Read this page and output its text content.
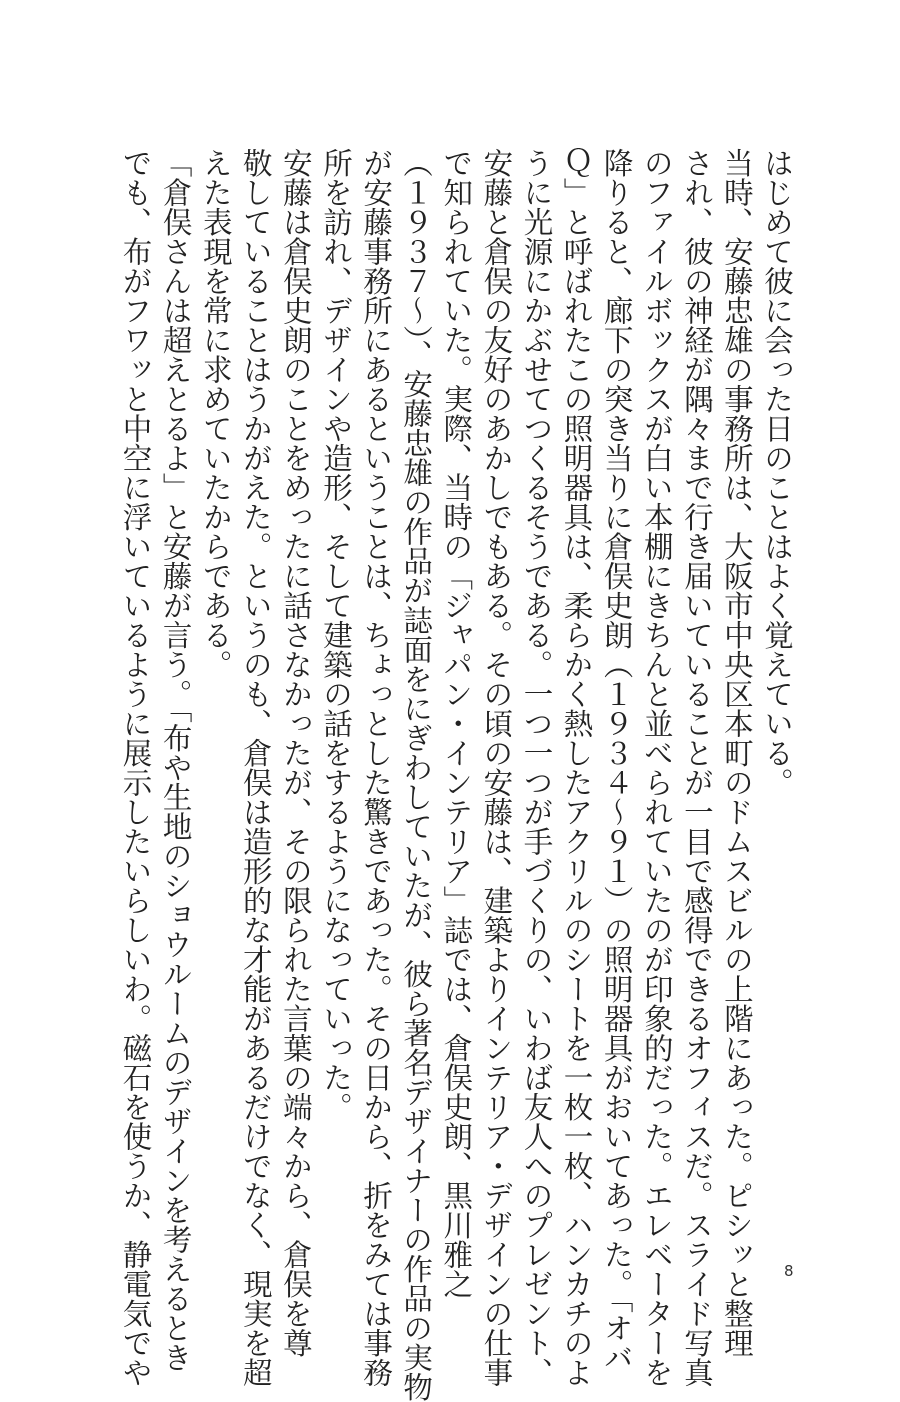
はじめて彼に会った日のことはよく覚えている。
当時、安藤忠雄の事務所は、大阪市中央区本町のドムスビルの上階にあった。ピシッと整理
され、彼の神経が隅々まで行き届いていることが一目で感得できるオフィスだ。スライド写真
のファイルボックスが白い本棚にきちんと並べられていたのが印象的だった。エレベーターを
降りると、廊下の突き当りに倉俣史朗（１９３４〜９１）の照明器具がおいてあった。「オバ
Ｑ」と呼ばれたこの照明器具は、柔らかく熱したアクリルのシートを一枚一枚、ハンカチのよ
うに光源にかぶせてつくるそうである。一つ一つが手づくりの、いわば友人へのプレゼント、
安藤と倉俣の友好のあかしでもある。その頃の安藤は、建築よりインテリア・デザインの仕事
で知られていた。実際、当時の「ジャパン・インテリア」誌では、倉俣史朗、黒川雅之
（１９３７〜）、安藤忠雄の作品が誌面をにぎわしていたが、彼ら著名デザイナーの作品の実物
が安藤事務所にあるということは、ちょっとした驚きであった。その日から、折をみては事務
所を訪れ、デザインや造形、そして建築の話をするようになっていった。
安藤は倉俣史朗のことをめったに話さなかったが、その限られた言葉の端々から、倉俣を尊
敬していることはうかがえた。というのも、倉俣は造形的な才能があるだけでなく、現実を超
えた表現を常に求めていたからである。
「倉俣さんは超えとるよ」と安藤が言う。「布や生地のショウルームのデザインを考えるとき
でも、布がフワッと中空に浮いているように展示したいらしいわ。磁石を使うか、静電気でや	8
